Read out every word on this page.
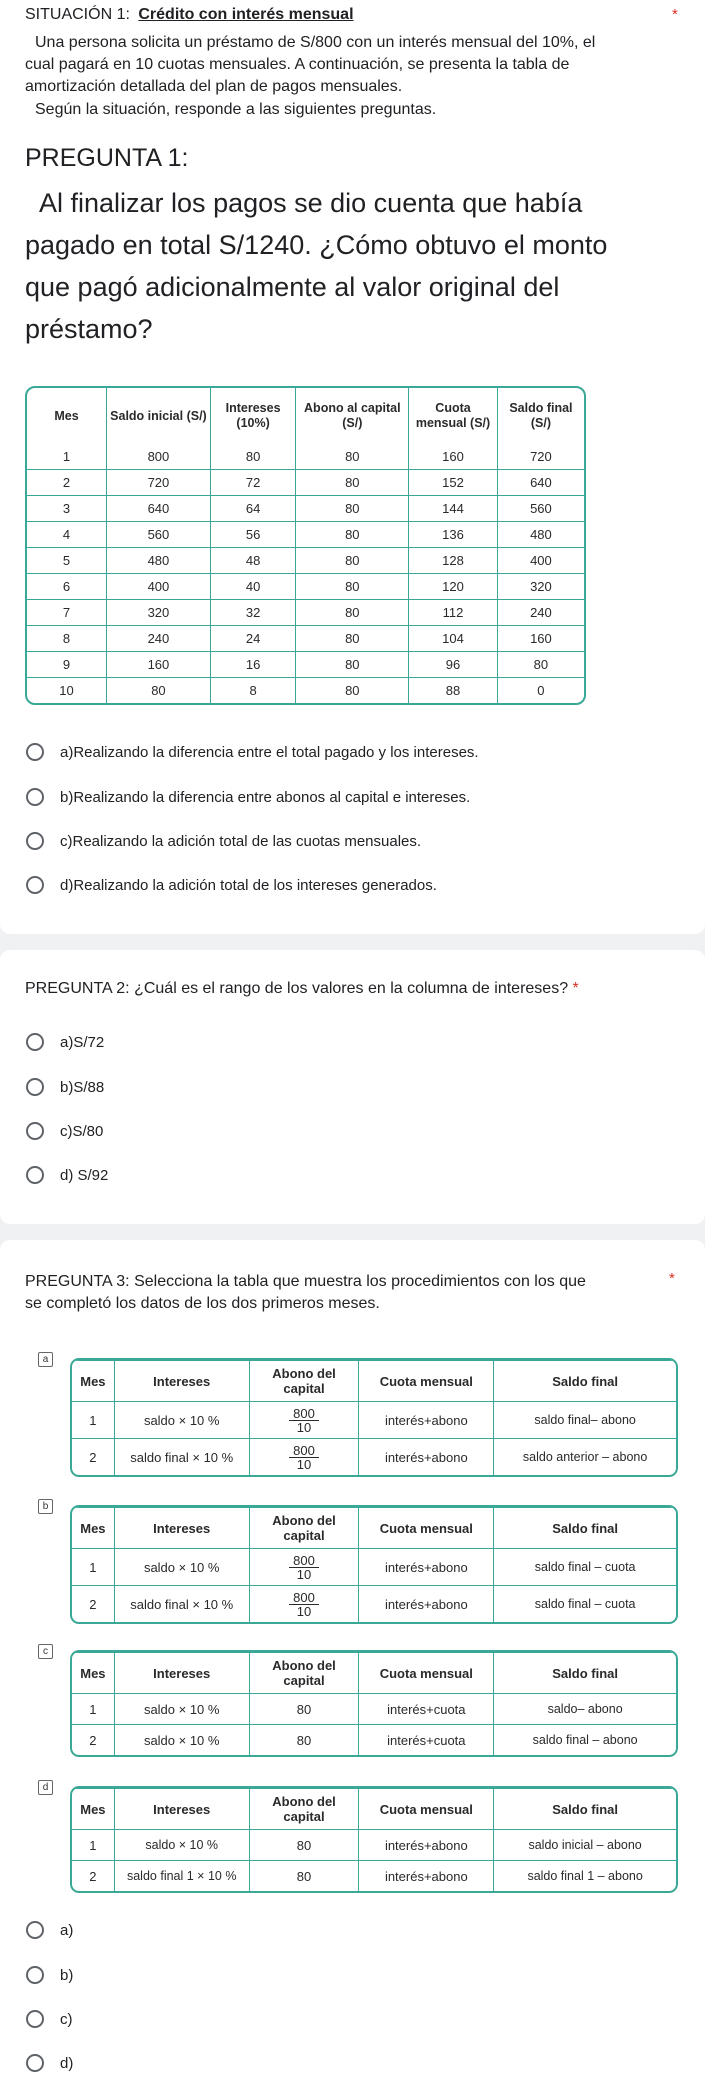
SITUACIÓN 1: Crédito con interés mensual	*
Una persona solicita un préstamo de S/800 con un interés mensual del 10%, el
cual pagará en 10 cuotas mensuales. A continuación, se presenta la tabla de
amortización detallada del plan de pagos mensuales.
Según la situación, responde a las siguientes preguntas.
PREGUNTA 1:
Al finalizar los pagos se dio cuenta que había
pagado en total S/1240. ¿Cómo obtuvo el monto
que pagó adicionalmente al valor original del
préstamo?
Mes	Saldo inicial (S/)	Intereses (10%)	Abono al capital (S/)	Cuota mensual (S/)	Saldo final (S/)
1	800	80	80	160	720
2	720	72	80	152	640
3	640	64	80	144	560
4	560	56	80	136	480
5	480	48	80	128	400
6	400	40	80	120	320
7	320	32	80	112	240
8	240	24	80	104	160
9	160	16	80	96	80
10	80	8	80	88	0
a)Realizando la diferencia entre el total pagado y los intereses.
b)Realizando la diferencia entre abonos al capital e intereses.
c)Realizando la adición total de las cuotas mensuales.
d)Realizando la adición total de los intereses generados.
PREGUNTA 2: ¿Cuál es el rango de los valores en la columna de intereses? *
a)S/72
b)S/88
c)S/80
d) S/92
PREGUNTA 3: Selecciona la tabla que muestra los procedimientos con los que
se completó los datos de los dos primeros meses.
*
a
Mes	Intereses	Abono del capital	Cuota mensual	Saldo final
1	saldo × 10 %	$\frac{800}{10}$	interés+abono	saldo final– abono
2	saldo final × 10 %	$\frac{800}{10}$	interés+abono	saldo anterior – abono
b
Mes	Intereses	Abono del capital	Cuota mensual	Saldo final
1	saldo × 10 %	$\frac{800}{10}$	interés+abono	saldo final – cuota
2	saldo final × 10 %	$\frac{800}{10}$	interés+abono	saldo final – cuota
c
Mes	Intereses	Abono del capital	Cuota mensual	Saldo final
1	saldo × 10 %	80	interés+cuota	saldo– abono
2	saldo × 10 %	80	interés+cuota	saldo final – abono
d
Mes	Intereses	Abono del capital	Cuota mensual	Saldo final
1	saldo × 10 %	80	interés+abono	saldo inicial – abono
2	saldo final 1 × 10 %	80	interés+abono	saldo final 1 – abono
a)
b)
c)
d)
